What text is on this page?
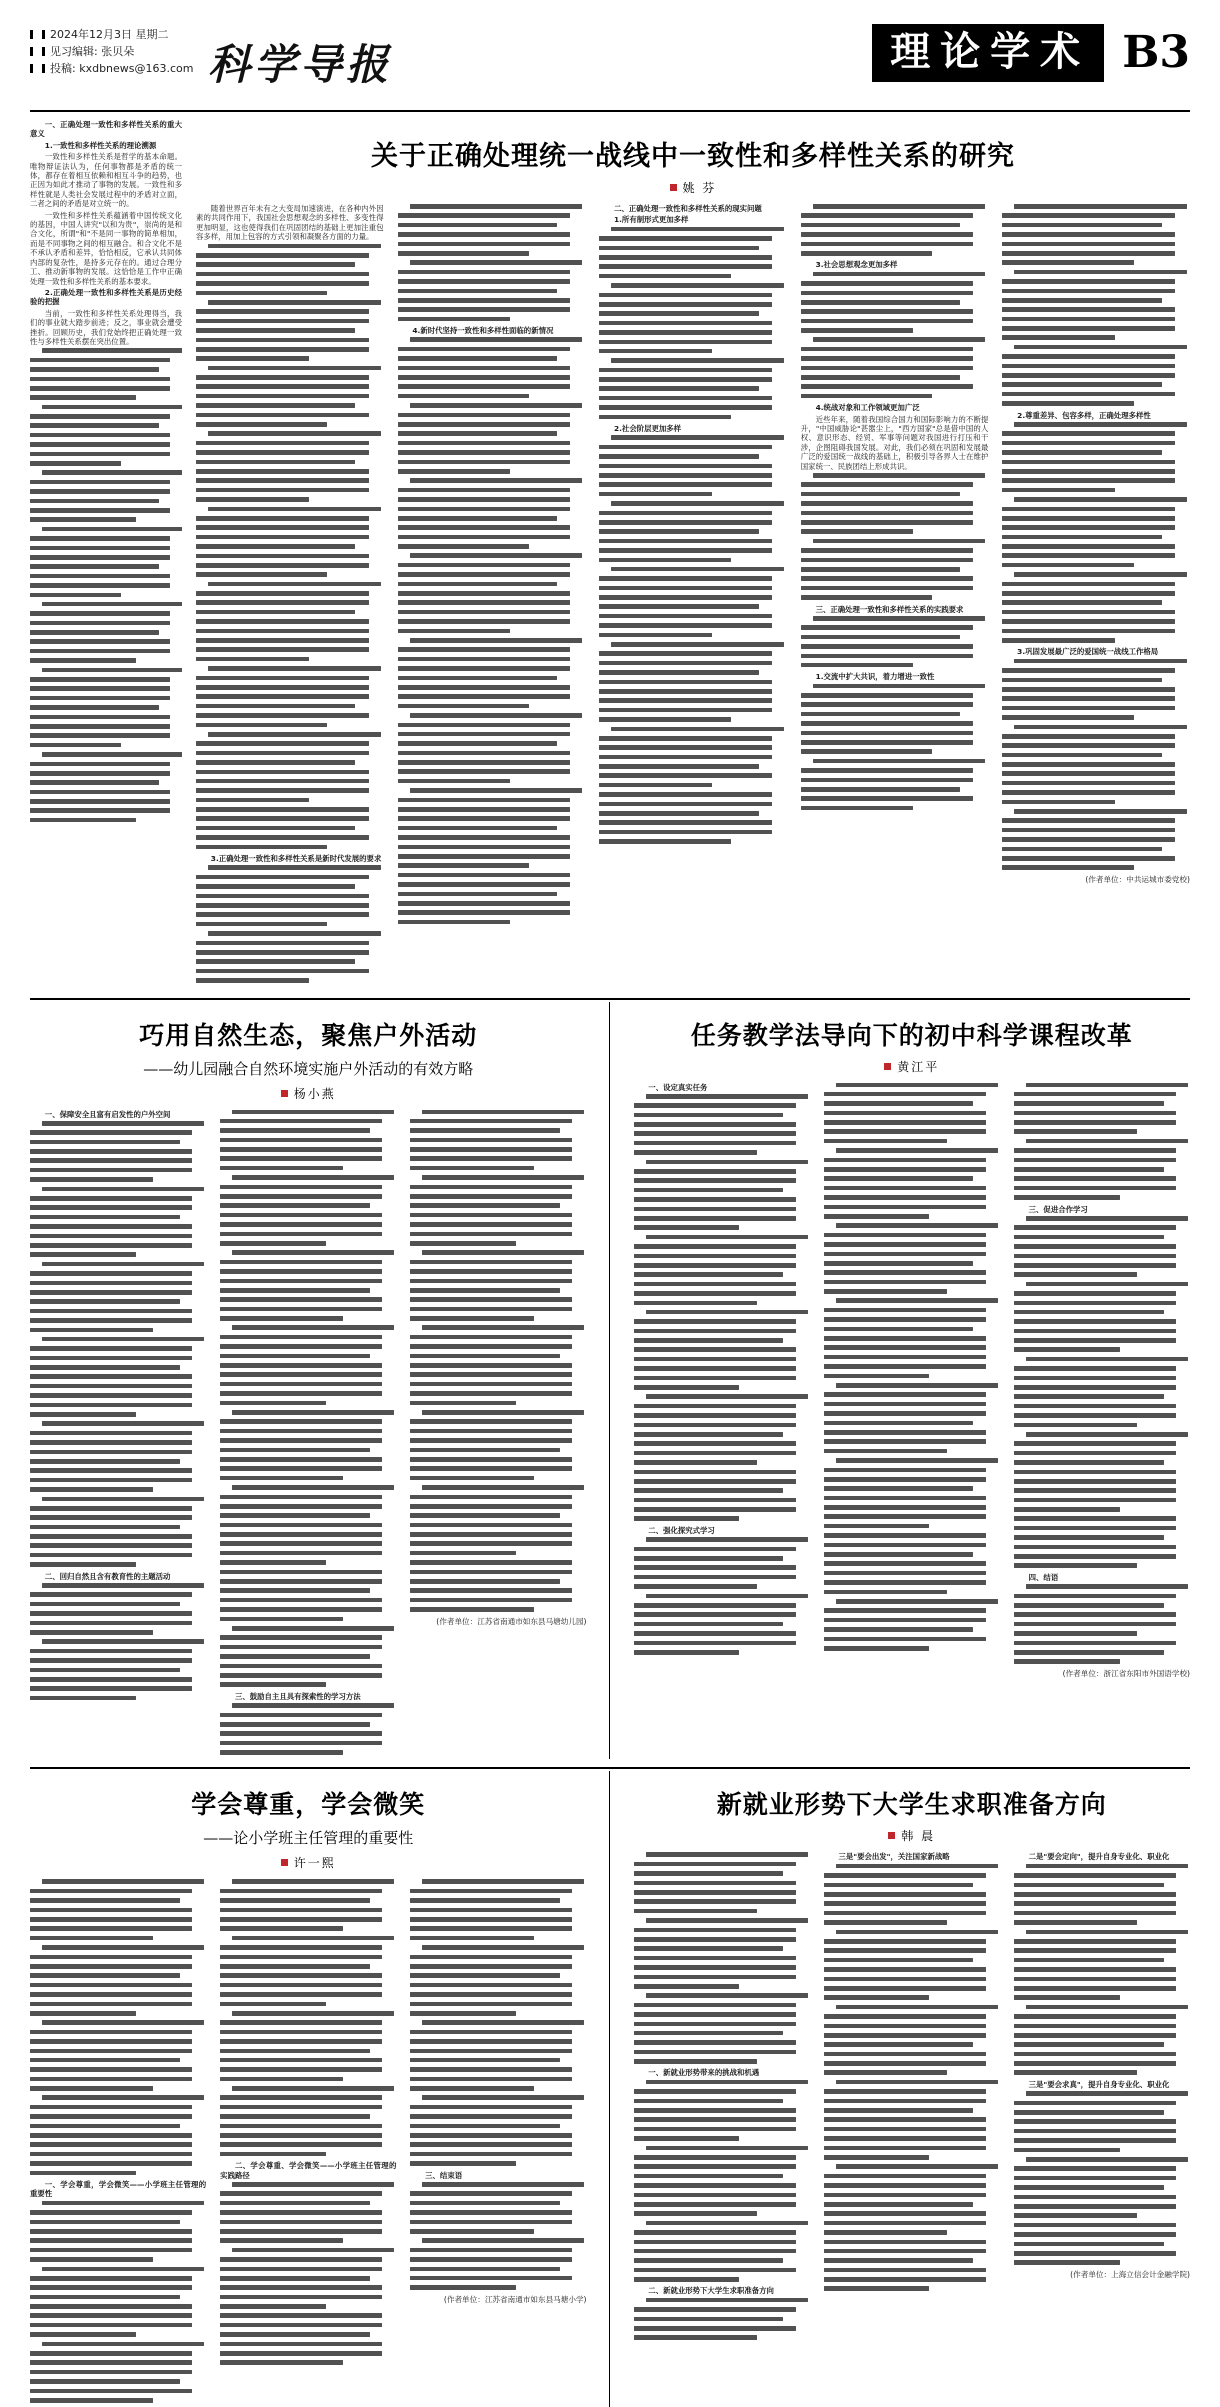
2024年12月3日 星期二
见习编辑: 张贝朵
投稿: kxdbnews@163.com 科学导报	理论学术 B3

一、正确处理一致性和多样性关系的重大意义

1.一致性和多样性关系的理论溯源

一致性和多样性关系是哲学的基本命题。唯物辩证法认为，任何事物都是矛盾的统一体，都存在着相互依赖和相互斗争的趋势，也正因为如此才推动了事物的发展。一致性和多样性就是人类社会发展过程中的矛盾对立面，二者之间的矛盾是对立统一的。

一致性和多样性关系蕴涵着中国传统文化的基因，中国人讲究"以和为贵"，崇尚的是和合文化，所谓"和"不是同一事物的简单相加，而是不同事物之间的相互融合。和合文化不是不承认矛盾和差异，恰恰相反，它承认共同体内部的复杂性，是持多元存在的。通过合理分工、推动新事物的发展。这恰恰是工作中正确处理一致性和多样性关系的基本要求。

2.正确处理一致性和多样性关系是历史经验的把握

当前，一致性和多样性关系处理得当，我们的事业就大踏步前进；反之，事业就会遭受挫折。回顾历史，我们党始终把正确处理一致性与多样性关系摆在突出位置。

关于正确处理统一战线中一致性和多样性关系的研究
姚 芬

随着世界百年未有之大变局加速演进，在各种内外因素的共同作用下，我国社会思想观念的多样性、多变性得更加明显，这也使得我们在巩固团结的基础上更加注重包容多样，用加上包容的方式引领和凝聚各方面的力量。

3.正确处理一致性和多样性关系是新时代发展的要求

4.新时代坚持一致性和多样性面临的新情况

二、正确处理一致性和多样性关系的现实问题

1.所有制形式更加多样

2.社会阶层更加多样

3.社会思想观念更加多样

4.统战对象和工作领域更加广泛

近些年来，随着我国综合国力和国际影响力的不断提升，"中国威胁论"甚嚣尘上，"西方国家"总是借中国的人权、意识形态、经贸、军事等问题对我国进行打压和干涉，企图阻碍我国发展。对此，我们必须在巩固和发展最广泛的爱国统一战线的基础上，积极引导各界人士在维护国家统一、民族团结上形成共识。

三、正确处理一致性和多样性关系的实践要求

1.交流中扩大共识，着力增进一致性

2.尊重差异、包容多样，正确处理多样性

3.巩固发展最广泛的爱国统一战线工作格局

(作者单位：中共运城市委党校)
巧用自然生态，聚焦户外活动
——幼儿园融合自然环境实施户外活动的有效方略
杨小燕

一、保障安全且富有启发性的户外空间

二、回归自然且含有教育性的主题活动

三、鼓励自主且具有探索性的学习方法

(作者单位：江苏省南通市如东县马塘幼儿园)
任务教学法导向下的初中科学课程改革
黄江平

一、设定真实任务

二、强化探究式学习

三、促进合作学习

四、结语

(作者单位：浙江省东阳市外国语学校)
学会尊重，学会微笑
——论小学班主任管理的重要性
许一熙

一、学会尊重，学会微笑——小学班主任管理的重要性

二、学会尊重、学会微笑——小学班主任管理的实践路径	三、结束语

(作者单位：江苏省南通市如东县马塘小学)
新就业形势下大学生求职准备方向
韩 晨

一、新就业形势带来的挑战和机遇

二、新就业形势下大学生求职准备方向

三是"要会出发"，关注国家新战略	二是"要会定向"，提升自身专业化、职业化

三是"要会求真"，提升自身专业化、职业化

(作者单位：上海立信会计金融学院)
